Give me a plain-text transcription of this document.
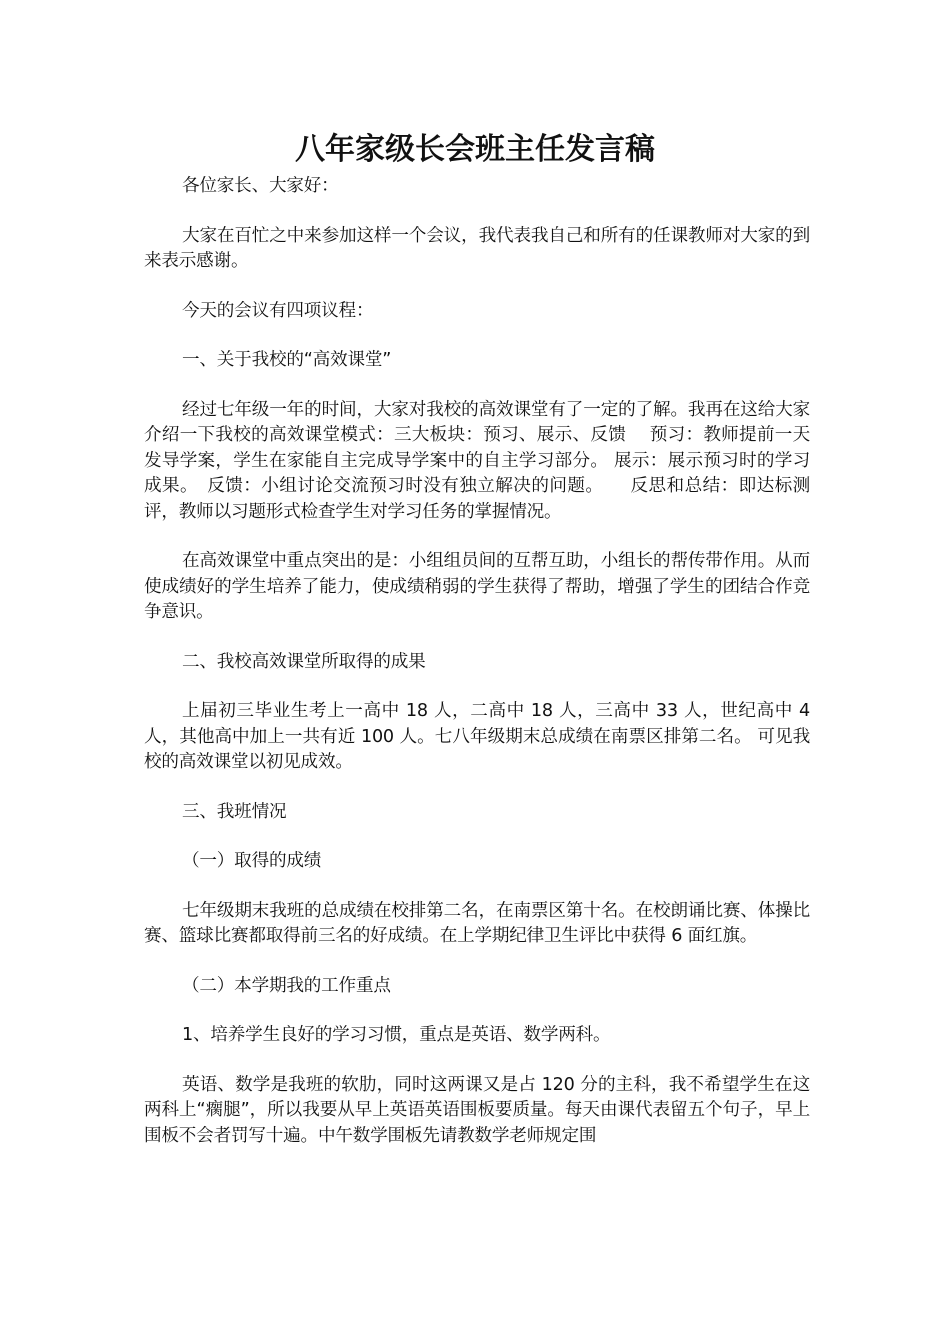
八年家级长会班主任发言稿

各位家长、大家好：

大家在百忙之中来参加这样一个会议，我代表我自己和所有的任课教师对大家的到来表示感谢。

今天的会议有四项议程：

一、关于我校的“高效课堂”

经过七年级一年的时间，大家对我校的高效课堂有了一定的了解。我再在这给大家介绍一下我校的高效课堂模式：三大板块：预习、展示、反馈　 预习：教师提前一天发导学案，学生在家能自主完成导学案中的自主学习部分。 展示：展示预习时的学习成果。　反馈：小组讨论交流预习时没有独立解决的问题。　　反思和总结：即达标测评，教师以习题形式检查学生对学习任务的掌握情况。

在高效课堂中重点突出的是：小组组员间的互帮互助，小组长的帮传带作用。从而使成绩好的学生培养了能力，使成绩稍弱的学生获得了帮助，增强了学生的团结合作竞争意识。

二、我校高效课堂所取得的成果

上届初三毕业生考上一高中 18 人，二高中 18 人，三高中 33 人，世纪高中 4 人，其他高中加上一共有近 100 人。七八年级期末总成绩在南票区排第二名。 可见我校的高效课堂以初见成效。

三、我班情况

（一）取得的成绩

七年级期末我班的总成绩在校排第二名，在南票区第十名。在校朗诵比赛、体操比赛、篮球比赛都取得前三名的好成绩。在上学期纪律卫生评比中获得 6 面红旗。

（二）本学期我的工作重点

1、培养学生良好的学习习惯，重点是英语、数学两科。

英语、数学是我班的软肋，同时这两课又是占 120 分的主科，我不希望学生在这两科上“瘸腿”，所以我要从早上英语英语围板要质量。每天由课代表留五个句子，早上围板不会者罚写十遍。中午数学围板先请教数学老师规定围
